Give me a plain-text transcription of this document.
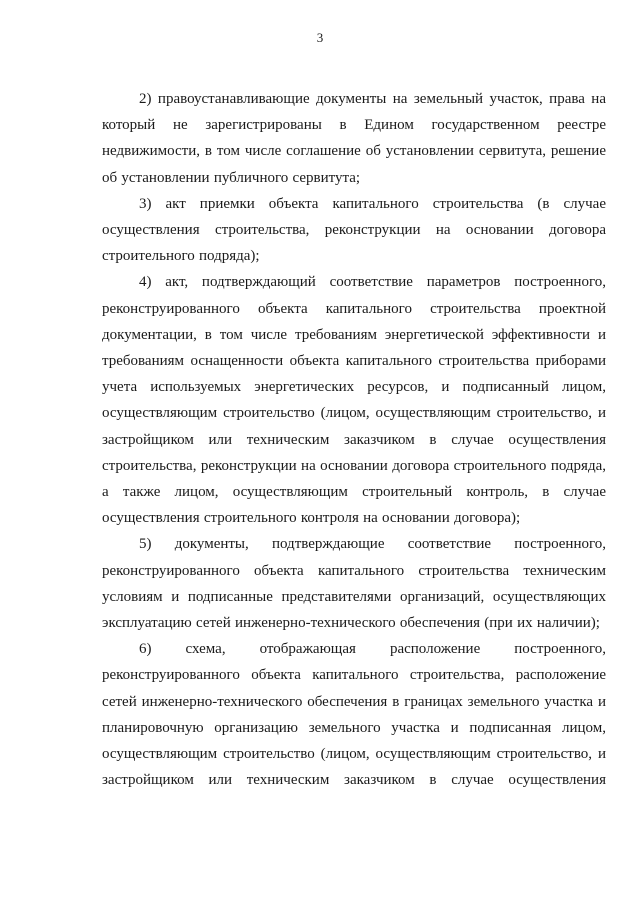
3

2) правоустанавливающие документы на земельный участок, права на который не зарегистрированы в Едином государственном реестре недвижимости, в том числе соглашение об установлении сервитута, решение об установлении публичного сервитута;

3) акт приемки объекта капитального строительства (в случае осуществления строительства, реконструкции на основании договора строительного подряда);

4) акт, подтверждающий соответствие параметров построенного, реконструированного объекта капитального строительства проектной документации, в том числе требованиям энергетической эффективности и требованиям оснащенности объекта капитального строительства приборами учета используемых энергетических ресурсов, и подписанный лицом, осуществляющим строительство (лицом, осуществляющим строительство, и застройщиком или техническим заказчиком в случае осуществления строительства, реконструкции на основании договора строительного подряда, а также лицом, осуществляющим строительный контроль, в случае осуществления строительного контроля на основании договора);

5) документы, подтверждающие соответствие построенного, реконструированного объекта капитального строительства техническим условиям и подписанные представителями организаций, осуществляющих эксплуатацию сетей инженерно-технического обеспечения (при их наличии);

6) схема, отображающая расположение построенного, реконструированного объекта капитального строительства, расположение сетей инженерно-технического обеспечения в границах земельного участка и планировочную организацию земельного участка и подписанная лицом, осуществляющим строительство (лицом, осуществляющим строительство, и застройщиком или техническим заказчиком в случае осуществления
